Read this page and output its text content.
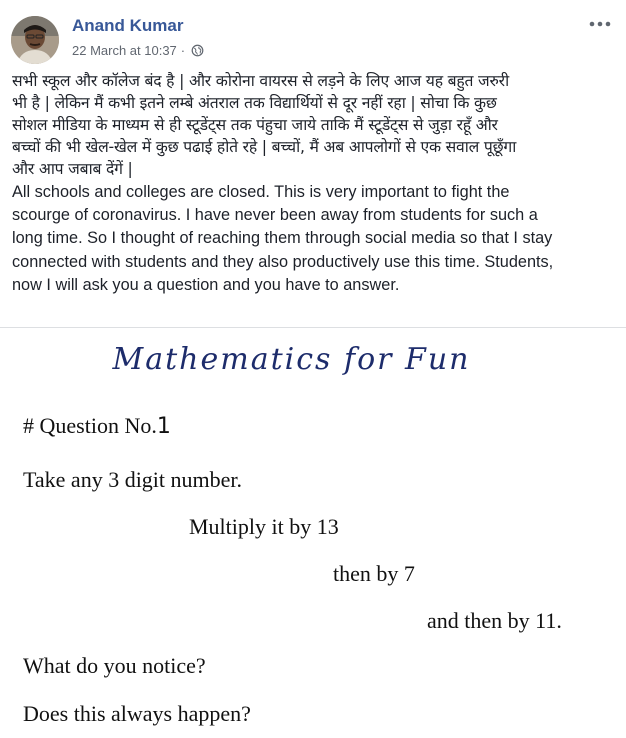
Anand Kumar
22 March at 10:37 ·

सभी स्कूल और कॉलेज बंद है | और कोरोना वायरस से लड़ने के लिए आज यह बहुत जरुरी

भी है | लेकिन मैं कभी इतने लम्बे अंतराल तक विद्यार्थियों से दूर नहीं रहा | सोचा कि कुछ

सोशल मीडिया के माध्यम से ही स्टूडेंट्स तक पंहुचा जाये ताकि मैं स्टूडेंट्स से जुड़ा रहूँ और

बच्चों की भी खेल-खेल में कुछ पढाई होते रहे | बच्चों, मैं अब आपलोगों से एक सवाल पूछूँगा

और आप जबाब देंगें |

All schools and colleges are closed. This is very important to fight the

scourge of coronavirus. I have never been away from students for such a

long time. So I thought of reaching them through social media so that I stay

connected with students and they also productively use this time. Students,

now I will ask you a question and you have to answer.

Mathematics for Fun
# Question No.1
Take any 3 digit number.
Multiply it by 13
then by 7
and then by 11.
What do you notice?
Does this always happen?
